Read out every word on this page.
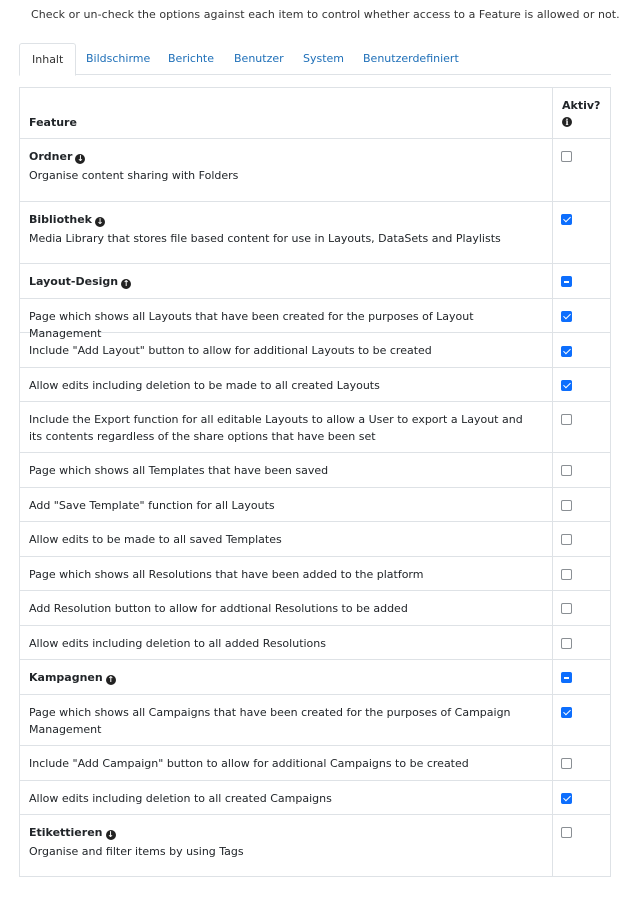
Check or un-check the options against each item to control whether access to a Feature is allowed or not.
Inhalt	Bildschirme Berichte Benutzer System Benutzerdefiniert
Feature
Aktiv?
i
Ordner ↓
Organise content sharing with Folders
Bibliothek ↓
Media Library that stores file based content for use in Layouts, DataSets and Playlists
Layout-Design ↑
Page which shows all Layouts that have been created for the purposes of Layout Management
Include "Add Layout" button to allow for additional Layouts to be created
Allow edits including deletion to be made to all created Layouts
Include the Export function for all editable Layouts to allow a User to export a Layout and its contents regardless of the share options that have been set
Page which shows all Templates that have been saved
Add "Save Template" function for all Layouts
Allow edits to be made to all saved Templates
Page which shows all Resolutions that have been added to the platform
Add Resolution button to allow for addtional Resolutions to be added
Allow edits including deletion to all added Resolutions
Kampagnen ↑
Page which shows all Campaigns that have been created for the purposes of Campaign Management
Include "Add Campaign" button to allow for additional Campaigns to be created
Allow edits including deletion to all created Campaigns
Etikettieren ↓
Organise and filter items by using Tags
